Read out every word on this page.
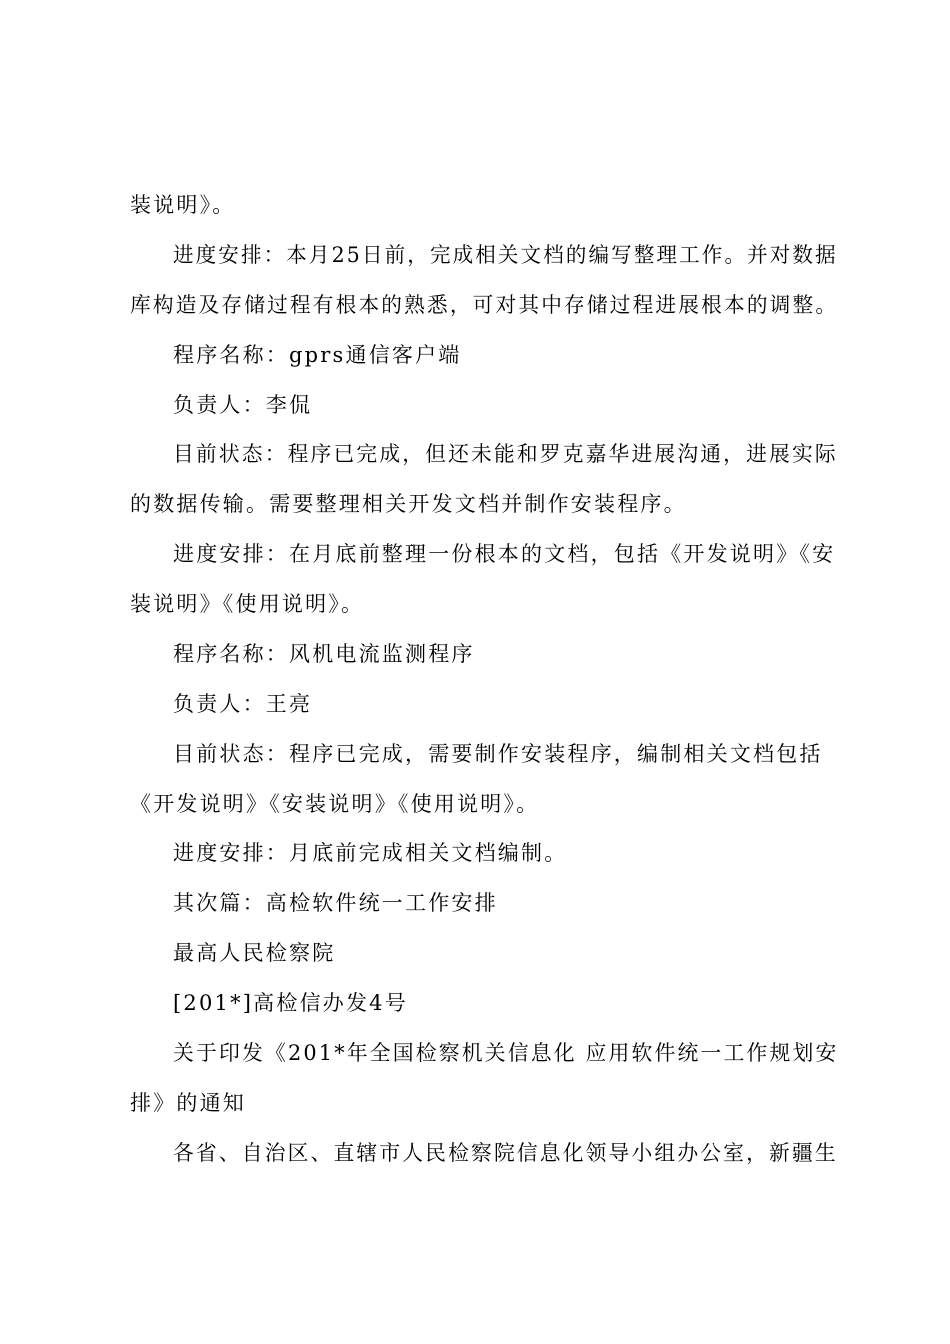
装说明》。
进度安排：本月25日前，完成相关文档的编写整理工作。并对数据
库构造及存储过程有根本的熟悉，可对其中存储过程进展根本的调整。
程序名称：gprs通信客户端
负责人：李侃
目前状态：程序已完成，但还未能和罗克嘉华进展沟通，进展实际
的数据传输。需要整理相关开发文档并制作安装程序。
进度安排：在月底前整理一份根本的文档，包括《开发说明》《安
装说明》《使用说明》。
程序名称：风机电流监测程序
负责人：王亮
目前状态：程序已完成，需要制作安装程序，编制相关文档包括
《开发说明》《安装说明》《使用说明》。
进度安排：月底前完成相关文档编制。
其次篇：高检软件统一工作安排
最高人民检察院
[201*]高检信办发4号
关于印发《201*年全国检察机关信息化 应用软件统一工作规划安
排》的通知
各省、自治区、直辖市人民检察院信息化领导小组办公室，新疆生
